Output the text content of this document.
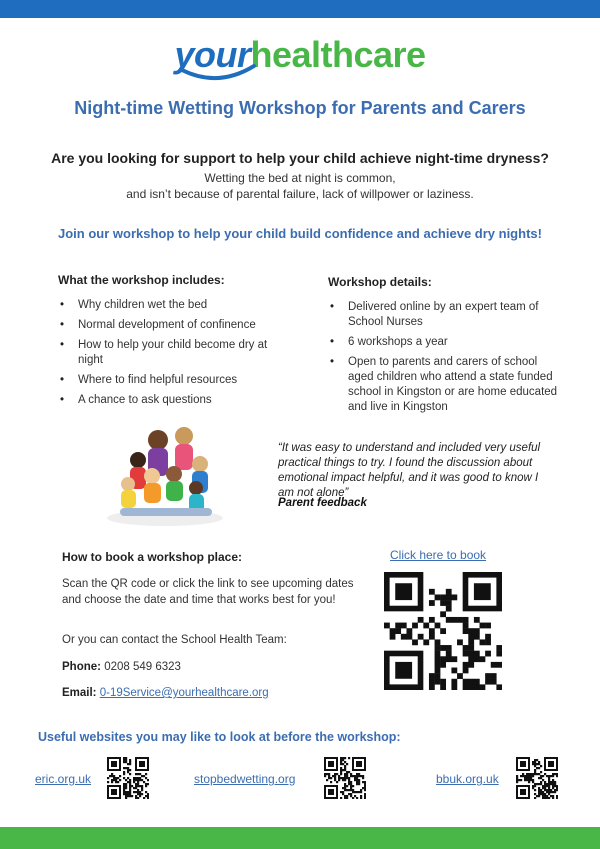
yourhealthcare
Night-time Wetting Workshop for Parents and Carers
Are you looking for support to help your child achieve night-time dryness?
Wetting the bed at night is common,
and isn’t because of parental failure, lack of willpower or laziness.
Join our workshop to help your child build confidence and achieve dry nights!
What the workshop includes:
• Why children wet the bed
• Normal development of confinence
• How to help your child become dry at night
• Where to find helpful resources
• A chance to ask questions
Workshop details:
• Delivered online by an expert team of School Nurses
• 6 workshops a year
• Open to parents and carers of school aged children who attend a state funded school in Kingston or are home educated and live in Kingston
“It was easy to understand and included very useful practical things to try. I found the discussion about emotional impact helpful, and it was good to know I am not alone”
Parent feedback
How to book a workshop place:
Scan the QR code or click the link to see upcoming dates and choose the date and time that works best for you!
Or you can contact the School Health Team:
Phone: 0208 549 6323
Email: 0-19Service@yourhealthcare.org
Click here to book
Useful websites you may like to look at before the workshop:
eric.org.uk	stopbedwetting.org	bbuk.org.uk
